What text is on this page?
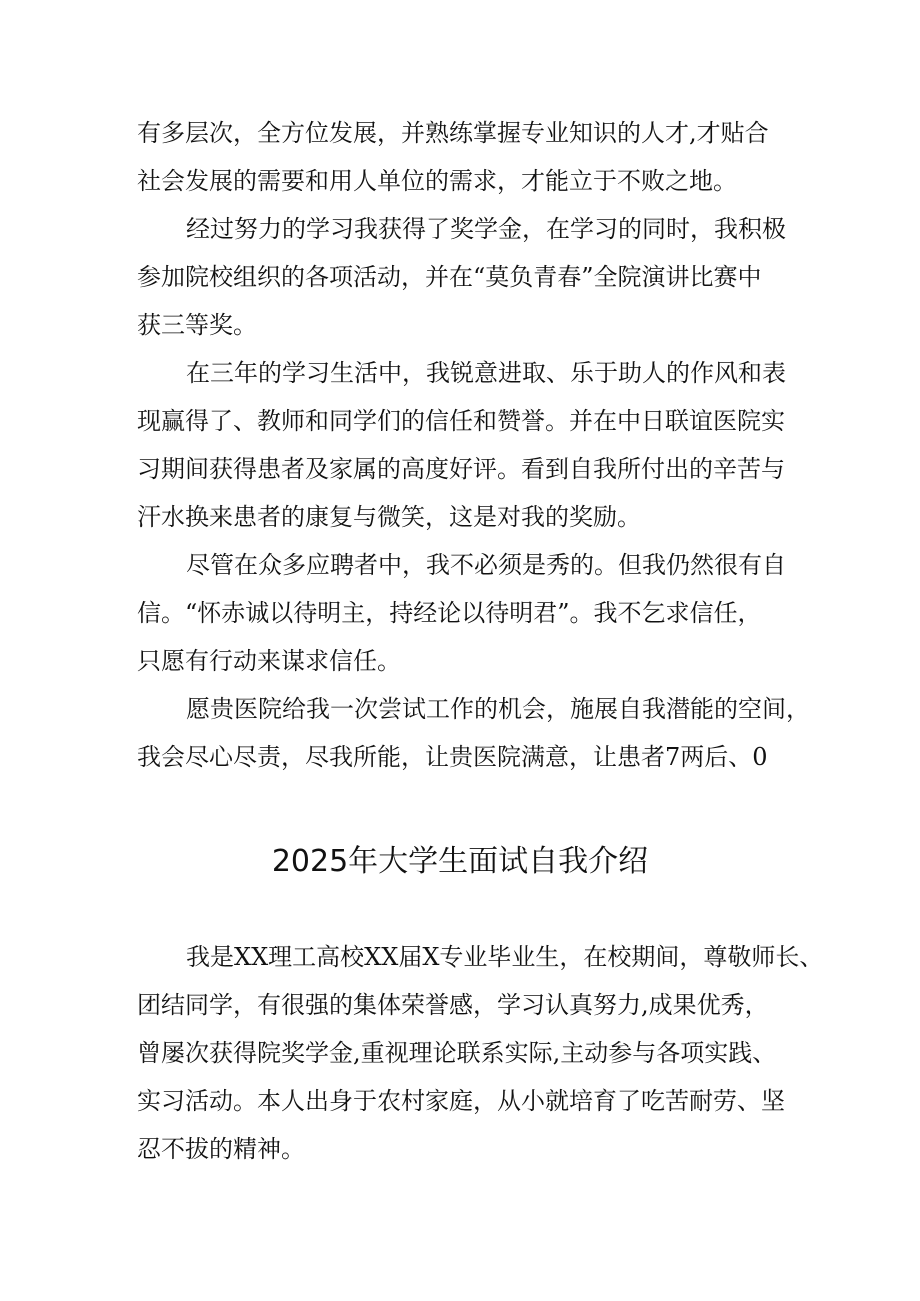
有多层次，全方位发展，并熟练掌握专业知识的人才,才贴合
社会发展的需要和用人单位的需求，才能立于不败之地。
经过努力的学习我获得了奖学金，在学习的同时，我积极
参加院校组织的各项活动，并在“莫负青春”全院演讲比赛中
获三等奖。
在三年的学习生活中，我锐意进取、乐于助人的作风和表
现赢得了、教师和同学们的信任和赞誉。并在中日联谊医院实
习期间获得患者及家属的高度好评。看到自我所付出的辛苦与
汗水换来患者的康复与微笑，这是对我的奖励。
尽管在众多应聘者中，我不必须是秀的。但我仍然很有自
信。“怀赤诚以待明主，持经论以待明君”。我不乞求信任，
只愿有行动来谋求信任。
愿贵医院给我一次尝试工作的机会，施展自我潜能的空间，
我会尽心尽责，尽我所能，让贵医院满意，让患者7两后、0
2025年大学生面试自我介绍
我是XX理工高校XX届X专业毕业生，在校期间，尊敬师长、
团结同学，有很强的集体荣誉感，学习认真努力,成果优秀，
曾屡次获得院奖学金,重视理论联系实际,主动参与各项实践、
实习活动。本人出身于农村家庭，从小就培育了吃苦耐劳、坚
忍不拔的精神。
